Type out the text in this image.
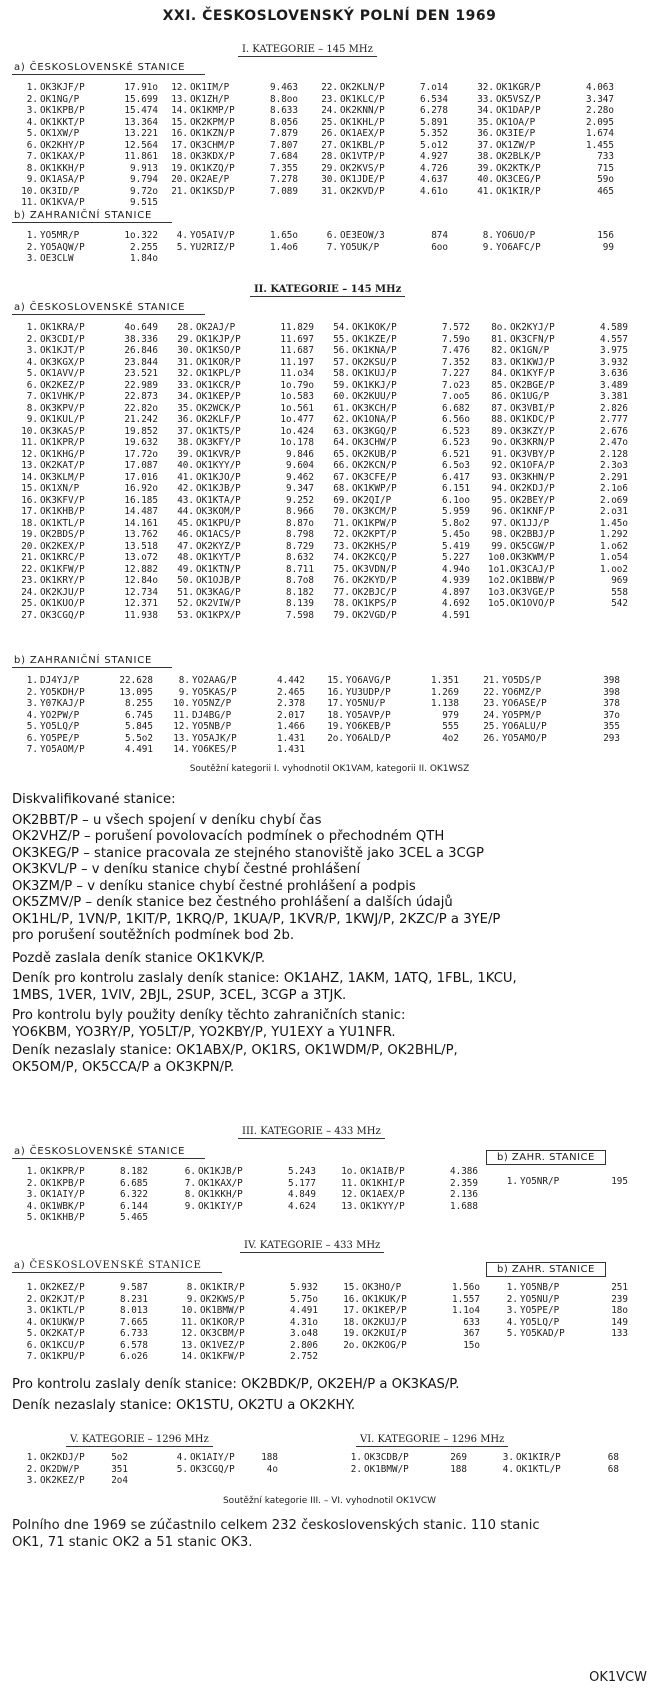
XXI. ČESKOSLOVENSKÝ POLNÍ DEN 1969
I. KATEGORIE – 145 MHz
a) ČESKOSLOVENSKÉ STANICE
1. OK3KJF/P	17.91o
2. OK1NG/P	15.699
3. OK1KPB/P	15.474
4. OK1KKT/P	13.364
5. OK1XW/P	13.221
6. OK2KHY/P	12.564
7. OK1KAX/P	11.861
8. OK1KKH/P	9.913
9. OK1ASA/P	9.794
10. OK3ID/P	9.72o
11. OK1KVA/P	9.515
12. OK1IM/P	9.463
13. OK1ZH/P	8.8oo
14. OK1KMP/P	8.633
15. OK2KPM/P	8.056
16. OK1KZN/P	7.879
17. OK3CHM/P	7.807
18. OK3KDX/P	7.684
19. OK1KZQ/P	7.355
20. OK2AE/P	7.278
21. OK1KSD/P	7.089
22. OK2KLN/P	7.o14
23. OK1KLC/P	6.534
24. OK2KNN/P	6.278
25. OK1KHL/P	5.891
26. OK1AEX/P	5.352
27. OK1KBL/P	5.o12
28. OK1VTP/P	4.927
29. OK2KVS/P	4.726
30. OK1JDE/P	4.637
31. OK2KVD/P	4.61o
32. OK1KGR/P	4.063
33. OK5VSZ/P	3.347
34. OK1DAP/P	2.28o
35. OK1OA/P	2.095
36. OK3IE/P	1.674
37. OK1ZW/P	1.455
38. OK2BLK/P	733
39. OK2KTK/P	715
40. OK3CEG/P	59o
41. OK1KIR/P	465
b) ZAHRANIČNÍ STANICE
1. YO5MR/P	1o.322
2. YO5AQW/P	2.255
3. OE3CLW	1.84o
4. YO5AIV/P	1.65o
5. YU2RIZ/P	1.4o6
6. OE3EOW/3	874
7. YO5UK/P	6oo
8. YO6UO/P	156
9. YO6AFC/P	99
II. KATEGORIE – 145 MHz
a) ČESKOSLOVENSKÉ STANICE
1. OK1KRA/P	4o.649
2. OK3CDI/P	38.336
3. OK1KJT/P	26.846
4. OK3KGX/P	23.844
5. OK1AVV/P	23.521
6. OK2KEZ/P	22.989
7. OK1VHK/P	22.873
8. OK3KPV/P	22.82o
9. OK1KUL/P	21.242
10. OK3KAS/P	19.852
11. OK1KPR/P	19.632
12. OK1KHG/P	17.72o
13. OK2KAT/P	17.087
14. OK3KLM/P	17.016
15. OK1XN/P	16.92o
16. OK3KFV/P	16.185
17. OK1KHB/P	14.487
18. OK1KTL/P	14.161
19. OK2BDS/P	13.762
20. OK2KEX/P	13.518
21. OK1KRC/P	13.o72
22. OK1KFW/P	12.882
23. OK1KRY/P	12.84o
24. OK2KJU/P	12.734
25. OK1KUO/P	12.371
27. OK3CGQ/P	11.938
28. OK2AJ/P	11.829
29. OK1KJP/P	11.697
30. OK1KSO/P	11.687
31. OK1KOR/P	11.197
32. OK1KPL/P	11.o34
33. OK1KCR/P	1o.79o
34. OK1KEP/P	1o.583
35. OK2WCK/P	1o.561
36. OK2KLF/P	1o.477
37. OK1KTS/P	1o.424
38. OK3KFY/P	1o.178
39. OK1KVR/P	9.846
40. OK1KYY/P	9.604
41. OK1KJO/P	9.462
42. OK1KJB/P	9.347
43. OK1KTA/P	9.252
44. OK3KOM/P	8.966
45. OK1KPU/P	8.87o
46. OK1ACS/P	8.798
47. OK2KYZ/P	8.729
48. OK1KYT/P	8.632
49. OK1KTN/P	8.711
50. OK1OJB/P	8.7o8
51. OK3KAG/P	8.182
52. OK2VIW/P	8.139
53. OK1KPX/P	7.598
54. OK1KOK/P	7.572
55. OK1KZE/P	7.59o
56. OK1KNA/P	7.476
57. OK2KSU/P	7.352
58. OK1KUJ/P	7.227
59. OK1KKJ/P	7.o23
60. OK2KUU/P	7.oo5
61. OK3KCH/P	6.682
62. OK1ONA/P	6.56o
63. OK3KGQ/P	6.523
64. OK3CHW/P	6.523
65. OK2KUB/P	6.521
66. OK2KCN/P	6.5o3
67. OK3CFE/P	6.417
68. OK1KWP/P	6.151
69. OK2QI/P	6.1oo
70. OK3KCM/P	5.959
71. OK1KPW/P	5.8o2
72. OK2KPT/P	5.45o
73. OK2KHS/P	5.419
74. OK2KCQ/P	5.227
75. OK3VDN/P	4.94o
76. OK2KYD/P	4.939
77. OK2BJC/P	4.897
78. OK1KPS/P	4.692
79. OK2VGD/P	4.591
8o. OK2KYJ/P	4.589
81. OK3CFN/P	4.557
82. OK1GN/P	3.975
83. OK1KWJ/P	3.932
84. OK1KYF/P	3.636
85. OK2BGE/P	3.489
86. OK1UG/P	3.381
87. OK3VBI/P	2.826
88. OK1KDC/P	2.777
89. OK3KZY/P	2.676
9o. OK3KRN/P	2.47o
91. OK3VBY/P	2.128
92. OK1OFA/P	2.3o3
93. OK3KHN/P	2.291
94. OK2KDJ/P	2.1o6
95. OK2BEY/P	2.o69
96. OK1KNF/P	2.o31
97. OK1JJ/P	1.45o
98. OK2BBJ/P	1.292
99. OK5CGW/P	1.o62
1o0. OK3KWM/P	1.o54
1o1. OK3CAJ/P	1.oo2
1o2. OK1BBW/P	969
1o3. OK3VGE/P	558
1o5. OK1OVO/P	542
b) ZAHRANIČNÍ STANICE
1. DJ4YJ/P	22.628
2. YO5KDH/P	13.095
3. Y07KAJ/P	8.255
4. YO2PW/P	6.745
5. YO5LQ/P	5.845
6. YO5PE/P	5.5o2
7. YO5AOM/P	4.491
8. YO2AAG/P	4.442
9. YO5KAS/P	2.465
10. YO5NZ/P	2.378
11. DJ4BG/P	2.017
12. YO5NB/P	1.466
13. YO5AJK/P	1.431
14. YO6KES/P	1.431
15. YO6AVG/P	1.351
16. YU3UDP/P	1.269
17. YO5NU/P	1.138
18. YO5AVP/P	979
19. YO6KEB/P	555
2o. YO6ALD/P	4o2
21. YO5DS/P	398
22. YO6MZ/P	398
23. YO6ASE/P	378
24. YO5PM/P	37o
25. YO6ALU/P	355
26. YO5AMO/P	293
Soutěžní kategorii I. vyhodnotil OK1VAM, kategorii II. OK1WSZ
Diskvalifikované stanice:
OK2BBT/P – u všech spojení v deníku chybí čas
OK2VHZ/P – porušení povolovacích podmínek o přechodném QTH
OK3KEG/P – stanice pracovala ze stejného stanoviště jako 3CEL a 3CGP
OK3KVL/P – v deníku stanice chybí čestné prohlášení
OK3ZM/P – v deníku stanice chybí čestné prohlášení a podpis
OK5ZMV/P – deník stanice bez čestného prohlášení a dalších údajů
OK1HL/P, 1VN/P, 1KIT/P, 1KRQ/P, 1KUA/P, 1KVR/P, 1KWJ/P, 2KZC/P a 3YE/P
pro porušení soutěžních podmínek bod 2b.
Pozdě zaslala deník stanice OK1KVK/P.
Deník pro kontrolu zaslaly deník stanice: OK1AHZ, 1AKM, 1ATQ, 1FBL, 1KCU,
1MBS, 1VER, 1VIV, 2BJL, 2SUP, 3CEL, 3CGP a 3TJK.
Pro kontrolu byly použity deníky těchto zahraničních stanic:
YO6KBM, YO3RY/P, YO5LT/P, YO2KBY/P, YU1EXY a YU1NFR.
Deník nezaslaly stanice: OK1ABX/P, OK1RS, OK1WDM/P, OK2BHL/P,
OK5OM/P, OK5CCA/P a OK3KPN/P.
III. KATEGORIE – 433 MHz
a) ČESKOSLOVENSKÉ STANICE
b) ZAHR. STANICE
1. OK1KPR/P	8.182
2. OK1KPB/P	6.685
3. OK1AIY/P	6.322
4. OK1WBK/P	6.144
5. OK1KHB/P	5.465
6. OK1KJB/P	5.243
7. OK1KAX/P	5.177
8. OK1KKH/P	4.849
9. OK1KIY/P	4.624
1o. OK1AIB/P	4.386
11. OK1KHI/P	2.359
12. OK1AEX/P	2.136
13. OK1KYY/P	1.688
1. YO5NR/P	195
IV. KATEGORIE – 433 MHz
a) ČESKOSLOVENSKÉ STANICE	b) ZAHR. STANICE
1. OK2KEZ/P	9.587
2. OK2KJT/P	8.231
3. OK1KTL/P	8.013
4. OK1UKW/P	7.665
5. OK2KAT/P	6.733
6. OK1KCU/P	6.578
7. OK1KPU/P	6.o26
8. OK1KIR/P	5.932
9. OK2KWS/P	5.75o
10. OK1BMW/P	4.491
11. OK1KOR/P	4.31o
12. OK3CBM/P	3.o48
13. OK1VEZ/P	2.806
14. OK1KFW/P	2.752
15. OK3HO/P	1.56o
16. OK1KUK/P	1.557
17. OK1KEP/P	1.1o4
18. OK2KUJ/P	633
19. OK2KUI/P	367
2o. OK2KOG/P	15o
1. YO5NB/P	251
2. YO5NU/P	239
3. YO5PE/P	18o
4. YO5LQ/P	149
5. YO5KAD/P	133
Pro kontrolu zaslaly deník stanice: OK2BDK/P, OK2EH/P a OK3KAS/P.
Deník nezaslaly stanice: OK1STU, OK2TU a OK2KHY.
V. KATEGORIE – 1296 MHz	VI. KATEGORIE – 1296 MHz
1. OK2KDJ/P	5o2
2. OK2DW/P	351
3. OK2KEZ/P	2o4
4. OK1AIY/P	188
5. OK3CGQ/P	4o
1. OK3CDB/P	269
2. OK1BMW/P	188
3. OK1KIR/P	68
4. OK1KTL/P	68
Soutěžní kategorie III. – VI. vyhodnotil OK1VCW
Polního dne 1969 se zúčastnilo celkem 232 československých stanic. 110 stanic
OK1, 71 stanic OK2 a 51 stanic OK3.
OK1VCW
